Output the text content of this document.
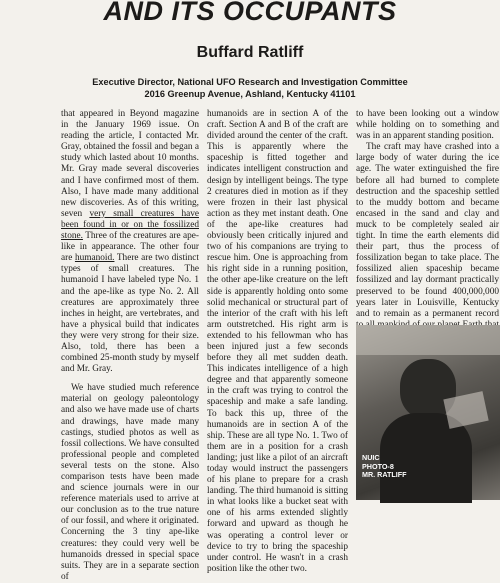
AND ITS OCCUPANTS
Buffard Ratliff
Executive Director, National UFO Research and Investigation Committee
2016 Greenup Avenue, Ashland, Kentucky 41101

that appeared in Beyond magazine in the January 1969 issue. On reading the article, I contacted Mr. Gray, obtained the fossil and began a study which lasted about 10 months. Mr. Gray made several discoveries and I have confirmed most of them. Also, I have made many additional new discoveries. As of this writing, seven very small creatures have been found in or on the fossilized stone. Three of the creatures are ape-like in appearance. The other four are humanoid. There are two distinct types of small creatures. The humanoid I have labeled type No. 1 and the ape-like as type No. 2. All creatures are approximately three inches in height, are vertebrates, and have a physical build that indicates they were very strong for their size. Also, told, there has been a combined 25-month study by myself and Mr. Gray.

We have studied much reference material on geology paleontology and also we have made use of charts and drawings, have made many castings, studied photos as well as fossil collections. We have consulted professional people and completed several tests on the stone. Also comparison tests have been made and science journals were in our reference materials used to arrive at our conclusion as to the true nature of our fossil, and where it originated. Concerning the 3 tiny ape-like creatures: they could very well be humanoids dressed in special space suits. They are in a separate section of

humanoids are in section A of the craft. Section A and B of the craft are divided around the center of the craft. This is apparently where the spaceship is fitted together and indicates intelligent construction and design by intelligent beings. The type 2 creatures died in motion as if they were frozen in their last physical action as they met instant death. One of the ape-like creatures had obviously been critically injured and two of his companions are trying to rescue him. One is approaching from his right side in a running position, the other ape-like creature on the left side is apparently holding onto some solid mechanical or structural part of the interior of the craft with his left arm outstretched. His right arm is extended to his fellowman who has been injured just a few seconds before they all met sudden death. This indicates intelligence of a high degree and that apparently someone in the craft was trying to control the spaceship and make a safe landing. To back this up, three of the humanoids are in section A of the ship. These are all type No. 1. Two of them are in a position for a crash landing; just like a pilot of an aircraft today would instruct the passengers of his plane to prepare for a crash landing. The third humanoid is sitting in what looks like a bucket seat with one of his arms extended slightly forward and upward as though he was operating a control lever or device to try to bring the spaceship under control. He wasn't in a crash position like the other two.

to have been looking out a window while holding on to something and was in an apparent standing position.

The craft may have crashed into a large body of water during the ice age. The water extinguished the fire before all had burned to complete destruction and the spaceship settled to the muddy bottom and became encased in the sand and clay and muck to be completely sealed air tight. In time the earth elements did their part, thus the process of fossilization began to take place. The fossilized alien spaceship became fossilized and lay dormant practically preserved to be found 400,000,000 years later in Louisville, Kentucky and to remain as a permanent record

NUIC
PHOTO-8
MR. RATLIFF
